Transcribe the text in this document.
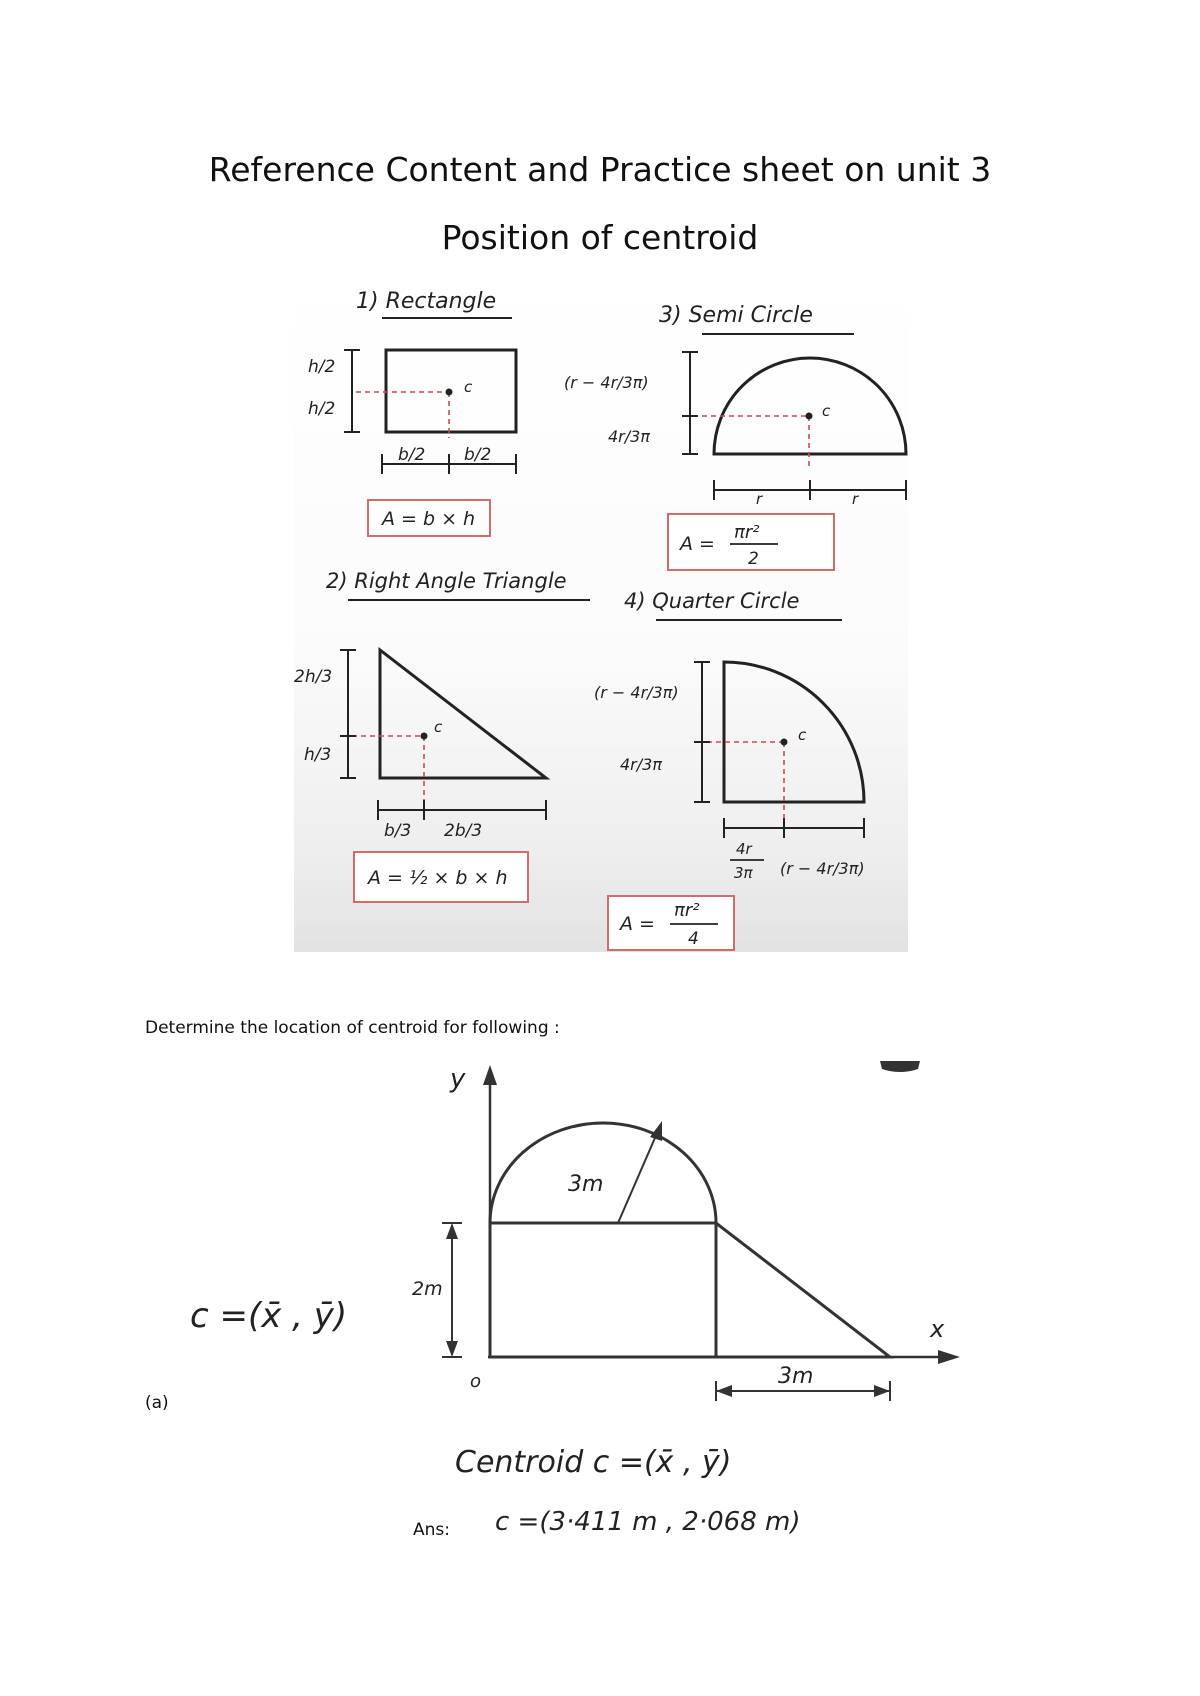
Reference Content and Practice sheet on unit 3
Position of centroid
1) Rectangle
c
h/2
h/2
b/2 b/2
A = b × h
3) Semi Circle
c
(r − 4r/3π)
4r/3π
r	r
A =
πr²
2
2) Right Angle Triangle
c
2h/3
h/3
b/3 2b/3
A = ½ × b × h
4) Quarter Circle
c
(r − 4r/3π)
4r/3π
4r
3π (r − 4r/3π)
A =
πr²
4
Determine the location of centroid for following :
y
x
o
3m
2m
3m
c =(x̄ , ȳ)
(a)
Centroid c =(x̄ , ȳ)
c =(3·411 m , 2·068 m)
Ans:
